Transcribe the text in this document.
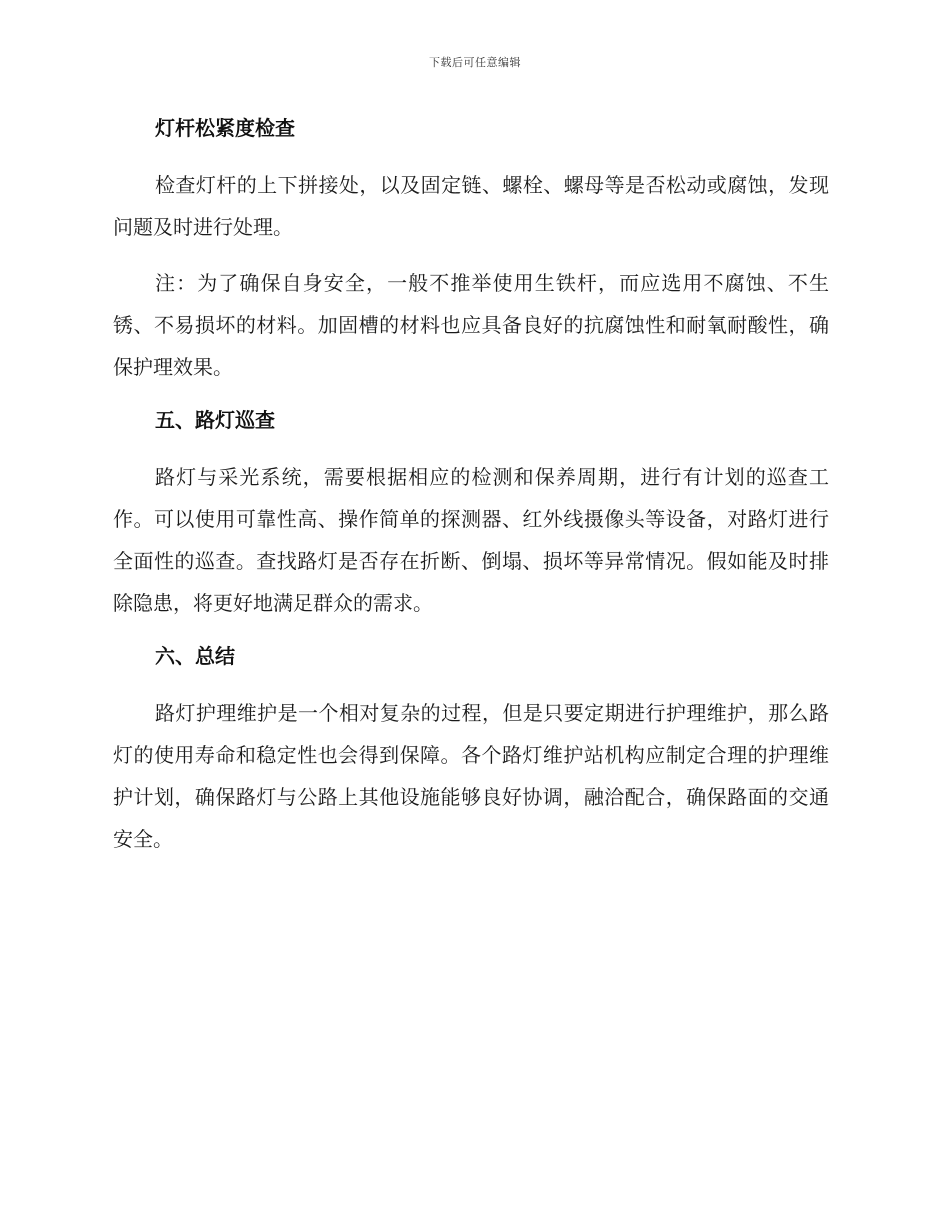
下载后可任意编辑
灯杆松紧度检查

检查灯杆的上下拼接处，以及固定链、螺栓、螺母等是否松动或腐蚀，发现问题及时进行处理。

注：为了确保自身安全，一般不推举使用生铁杆，而应选用不腐蚀、不生锈、不易损坏的材料。加固槽的材料也应具备良好的抗腐蚀性和耐氧耐酸性，确保护理效果。

五、路灯巡查

路灯与采光系统，需要根据相应的检测和保养周期，进行有计划的巡查工作。可以使用可靠性高、操作简单的探测器、红外线摄像头等设备，对路灯进行全面性的巡查。查找路灯是否存在折断、倒塌、损坏等异常情况。假如能及时排除隐患，将更好地满足群众的需求。

六、总结

路灯护理维护是一个相对复杂的过程，但是只要定期进行护理维护，那么路灯的使用寿命和稳定性也会得到保障。各个路灯维护站机构应制定合理的护理维护计划，确保路灯与公路上其他设施能够良好协调，融洽配合，确保路面的交通安全。
